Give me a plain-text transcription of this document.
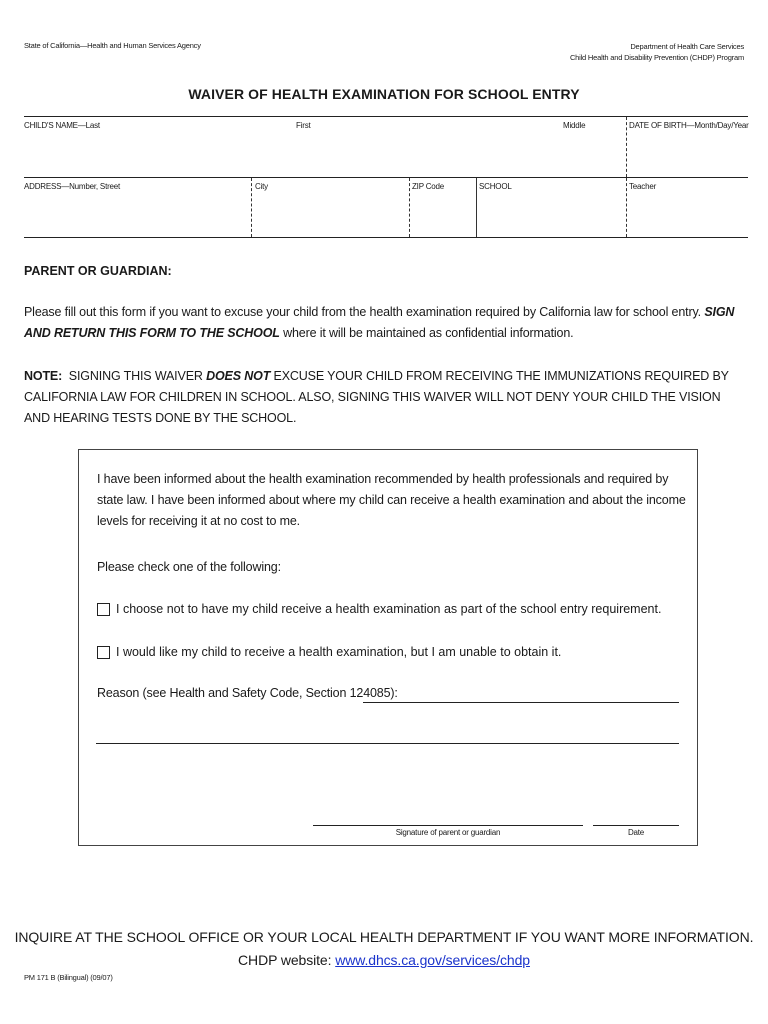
State of California—Health and Human Services Agency	Department of Health Care Services
Child Health and Disability Prevention (CHDP) Program
WAIVER OF HEALTH EXAMINATION FOR SCHOOL ENTRY
CHILD'S NAME—Last	First	Middle	DATE OF BIRTH—Month/Day/Year
ADDRESS—Number, Street	City	ZIP Code	SCHOOL	Teacher
PARENT OR GUARDIAN:
Please fill out this form if you want to excuse your child from the health examination required by California law for school entry. SIGN AND RETURN THIS FORM TO THE SCHOOL where it will be maintained as confidential information.
NOTE:  SIGNING THIS WAIVER DOES NOT EXCUSE YOUR CHILD FROM RECEIVING THE IMMUNIZATIONS REQUIRED BY CALIFORNIA LAW FOR CHILDREN IN SCHOOL. ALSO, SIGNING THIS WAIVER WILL NOT DENY YOUR CHILD THE VISION AND HEARING TESTS DONE BY THE SCHOOL.
I have been informed about the health examination recommended by health professionals and required by state law. I have been informed about where my child can receive a health examination and about the income levels for receiving it at no cost to me.
Please check one of the following:
I choose not to have my child receive a health examination as part of the school entry requirement.
I would like my child to receive a health examination, but I am unable to obtain it.
Reason (see Health and Safety Code, Section 124085):
Signature of parent or guardian	Date
INQUIRE AT THE SCHOOL OFFICE OR YOUR LOCAL HEALTH DEPARTMENT IF YOU WANT MORE INFORMATION.
CHDP website: www.dhcs.ca.gov/services/chdp
PM 171 B (Bilingual) (09/07)
